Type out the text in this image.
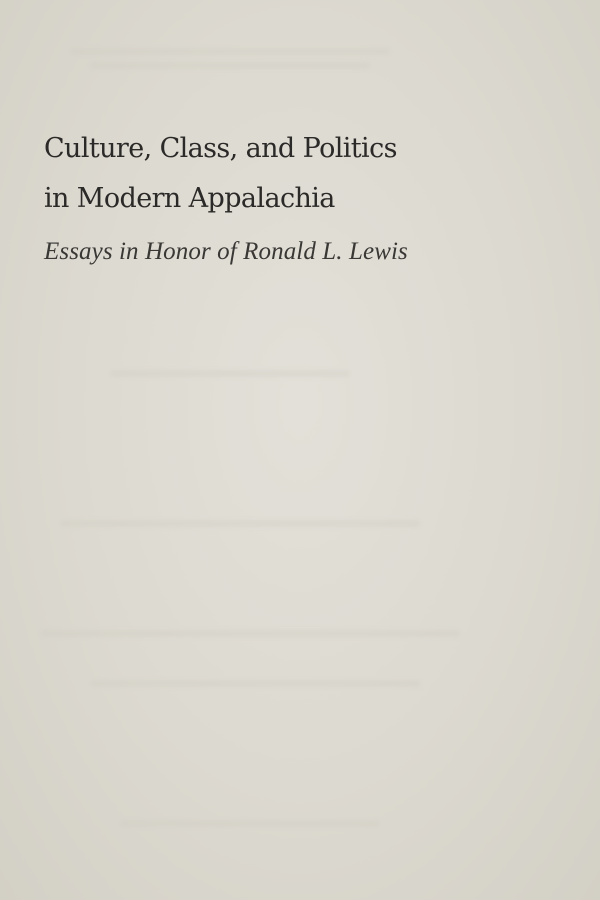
Culture, Class, and Politics
in Modern Appalachia
Essays in Honor of Ronald L. Lewis
